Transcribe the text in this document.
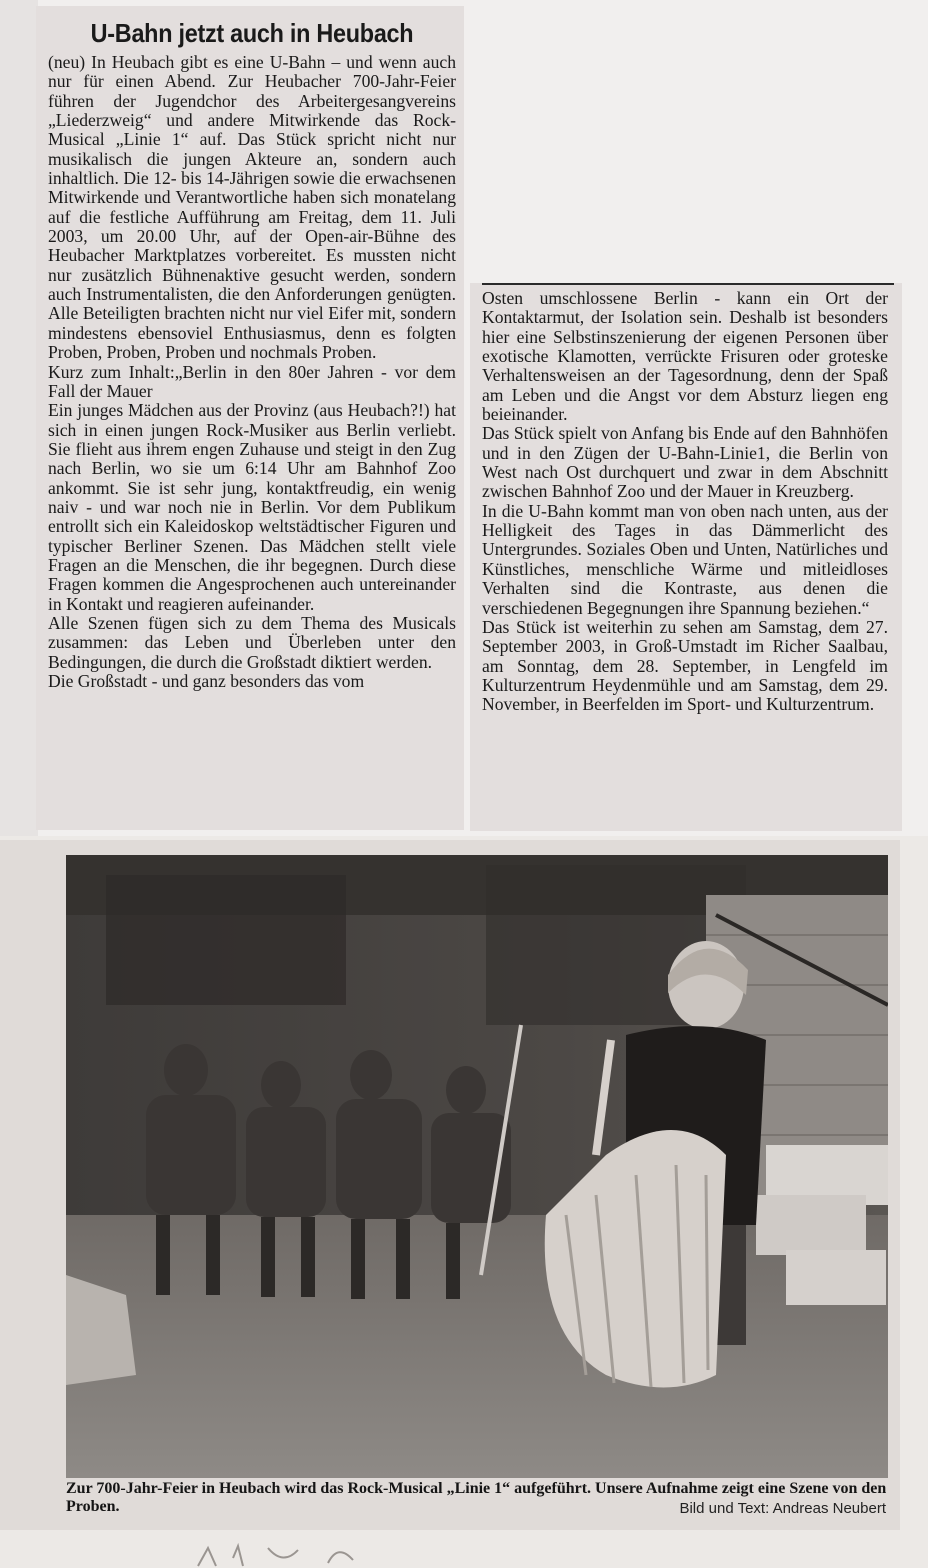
U-Bahn jetzt auch in Heubach

(neu) In Heubach gibt es eine U-Bahn – und wenn auch nur für einen Abend. Zur Heubacher 700-Jahr-Feier führen der Jugendchor des Arbeitergesangvereins „Liederzweig“ und andere Mitwirkende das Rock-Musical „Linie 1“ auf. Das Stück spricht nicht nur musikalisch die jungen Akteure an, sondern auch inhaltlich. Die 12- bis 14-Jährigen sowie die erwachsenen Mitwirkende und Verantwortliche haben sich monatelang auf die festliche Aufführung am Freitag, dem 11. Juli 2003, um 20.00 Uhr, auf der Open-air-Bühne des Heubacher Marktplatzes vorbereitet. Es mussten nicht nur zusätzlich Bühnenaktive gesucht werden, sondern auch Instrumentalisten, die den Anforderungen genügten. Alle Beteiligten brachten nicht nur viel Eifer mit, sondern mindestens ebensoviel Enthusiasmus, denn es folgten Proben, Proben, Proben und nochmals Proben.

Kurz zum Inhalt:„Berlin in den 80er Jahren - vor dem Fall der Mauer

Ein junges Mädchen aus der Provinz (aus Heubach?!) hat sich in einen jungen Rock-Musiker aus Berlin verliebt. Sie flieht aus ihrem engen Zuhause und steigt in den Zug nach Berlin, wo sie um 6:14 Uhr am Bahnhof Zoo ankommt. Sie ist sehr jung, kontaktfreudig, ein wenig naiv - und war noch nie in Berlin. Vor dem Publikum entrollt sich ein Kaleidoskop weltstädtischer Figuren und typischer Berliner Szenen. Das Mädchen stellt viele Fragen an die Menschen, die ihr begegnen. Durch diese Fragen kommen die Angesprochenen auch untereinander in Kontakt und reagieren aufeinander.

Alle Szenen fügen sich zu dem Thema des Musicals zusammen: das Leben und Überleben unter den Bedingungen, die durch die Großstadt diktiert werden.

Die Großstadt - und ganz besonders das vom

Osten umschlossene Berlin - kann ein Ort der Kontaktarmut, der Isolation sein. Deshalb ist besonders hier eine Selbstinszenierung der eigenen Personen über exotische Klamotten, verrückte Frisuren oder groteske Verhaltensweisen an der Tagesordnung, denn der Spaß am Leben und die Angst vor dem Absturz liegen eng beieinander.

Das Stück spielt von Anfang bis Ende auf den Bahnhöfen und in den Zügen der U-Bahn-Linie1, die Berlin von West nach Ost durchquert und zwar in dem Abschnitt zwischen Bahnhof Zoo und der Mauer in Kreuzberg.

In die U-Bahn kommt man von oben nach unten, aus der Helligkeit des Tages in das Dämmerlicht des Untergrundes. Soziales Oben und Unten, Natürliches und Künstliches, menschliche Wärme und mitleidloses Verhalten sind die Kontraste, aus denen die verschiedenen Begegnungen ihre Spannung beziehen.“

Das Stück ist weiterhin zu sehen am Samstag, dem 27. September 2003, in Groß-Umstadt im Richer Saalbau, am Sonntag, dem 28. September, in Lengfeld im Kulturzentrum Heydenmühle und am Samstag, dem 29. November, in Beerfelden im Sport- und Kulturzentrum.

Zur 700-Jahr-Feier in Heubach wird das Rock-Musical „Linie 1“ aufgeführt. Unsere Aufnahme zeigt eine Szene von den Proben.	Bild und Text: Andreas Neubert
